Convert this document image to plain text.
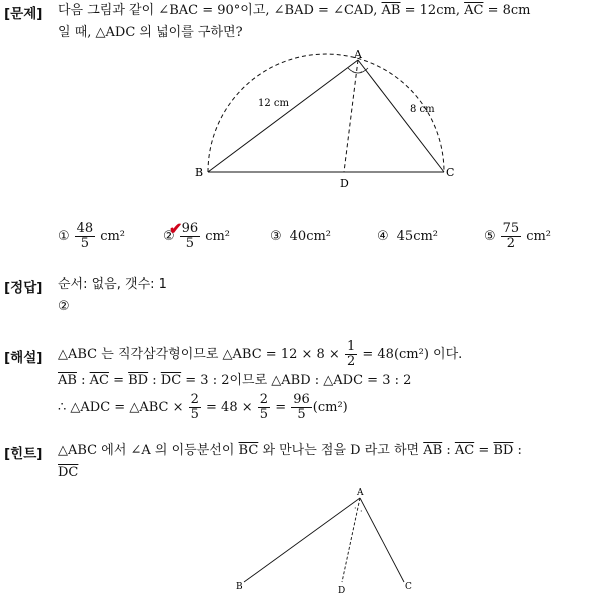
[문제] 다음 그림과 같이 ∠BAC = 90°이고, ∠BAD = ∠CAD, $\overline{AB} = 12cm$, $\overline{AC} = 8cm$
일 때, △ADC 의 넓이를 구하면?
· ·
A
B	C
D
12 cm
8 cm
① $\frac{48}{5} cm^2$	②
✔
$\frac{96}{5} cm^2$	③ 40cm²	④ 45cm²	⑤ $\frac{75}{2} cm^2$
[정답] 순서: 없음, 갯수: 1
②
[해설] △ABC 는 직각삼각형이므로 △ABC = $12 \times 8 \times \frac{1}{2} = 48(cm^2)$ 이다.
$\overline{AB}$ : $\overline{AC} = \overline{BD}$ : $\overline{DC} = 3$ : 2이므로 △ABD : △ADC = 3 : 2
∴ △ADC = △ABC × $\frac{2}{5} = 48 \times \frac{2}{5} = \frac{96}{5} (cm^2)$
[힌트] △ABC 에서 ∠A 의 이등분선이 $\overline{BC}$ 와 만나는 점을 D 라고 하면 $\overline{AB}$ : $\overline{AC} = \overline{BD}$ :
$\overline{DC}$
· ·
A
B	C
D
